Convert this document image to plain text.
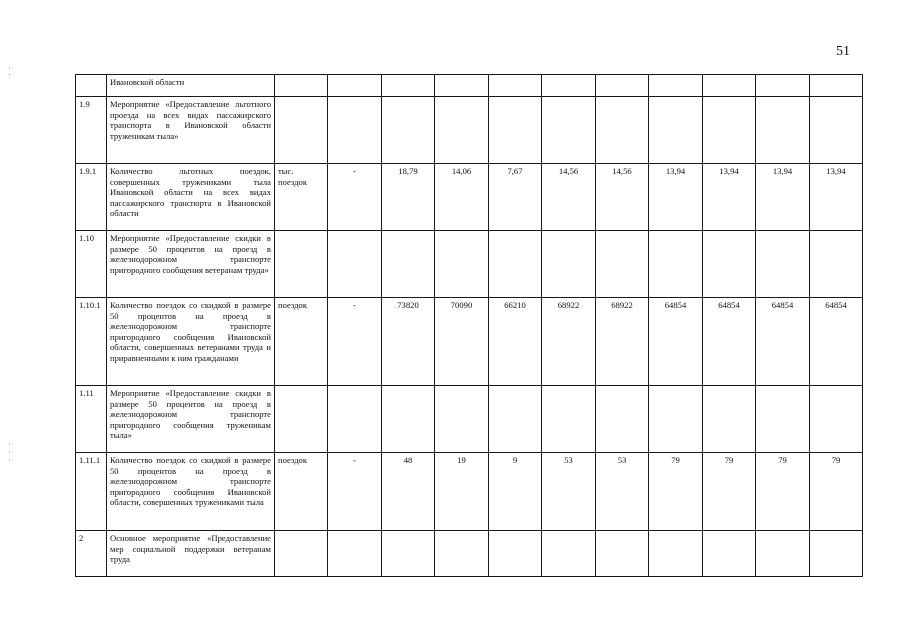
51
	Ивановской области											
1.9	Мероприятие «Предоставление льготного проезда на всех видах пассажирского транспорта в Ивановской области труженикам тыла»											
1.9.1	Количество льготных поездок, совершенных тружениками тыла Ивановской области на всех видах пассажирского транспорта в Ивановской области	тыс. поездок	-	18,79	14,06	7,67	14,56	14,56	13,94	13,94	13,94	13,94
1.10	Мероприятие «Предоставление скидки в размере 50 процентов на проезд в железнодорожном транспорте пригородного сообщения ветеранам труда»											
1.10.1	Количество поездок со скидкой в размере 50 процентов на проезд в железнодорожном транспорте пригородного сообщения Ивановской области, совершенных ветеранами труда и приравненными к ним гражданами	поездок	-	73820	70090	66210	68922	68922	64854	64854	64854	64854
1.11	Мероприятие «Предоставление скидки в размере 50 процентов на проезд в железнодорожном транспорте пригородного сообщения труженикам тыла»											
1.11.1	Количество поездок со скидкой в размере 50 процентов на проезд в железнодорожном транспорте пригородного сообщения Ивановской области, совершенных тружениками тыла	поездок	-	48	19	9	53	53	79	79	79	79
2	Основное мероприятие «Предоставление мер социальной поддержки ветеранам труда											
